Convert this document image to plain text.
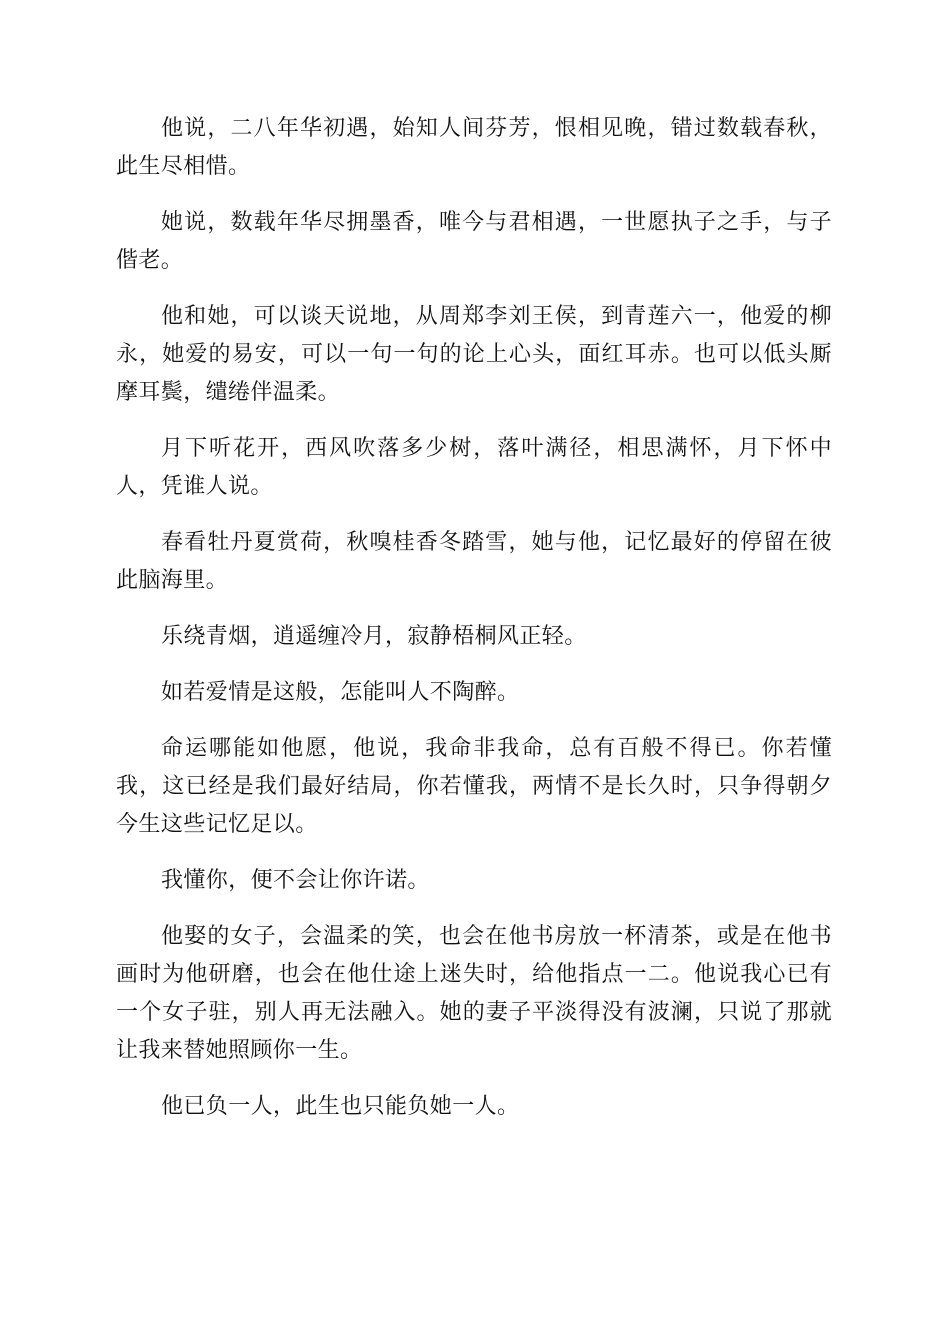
他说，二八年华初遇，始知人间芬芳，恨相见晚，错过数载春秋，此生尽相惜。

她说，数载年华尽拥墨香，唯今与君相遇，一世愿执子之手，与子偕老。

他和她，可以谈天说地，从周郑李刘王侯，到青莲六一，他爱的柳永，她爱的易安，可以一句一句的论上心头，面红耳赤。也可以低头厮摩耳鬓，缱绻伴温柔。

月下听花开，西风吹落多少树，落叶满径，相思满怀，月下怀中人，凭谁人说。

春看牡丹夏赏荷，秋嗅桂香冬踏雪，她与他，记忆最好的停留在彼此脑海里。

乐绕青烟，逍遥缠冷月，寂静梧桐风正轻。

如若爱情是这般，怎能叫人不陶醉。

命运哪能如他愿，他说，我命非我命，总有百般不得已。你若懂我，这已经是我们最好结局，你若懂我，两情不是长久时，只争得朝夕今生这些记忆足以。

我懂你，便不会让你许诺。

他娶的女子，会温柔的笑，也会在他书房放一杯清茶，或是在他书画时为他研磨，也会在他仕途上迷失时，给他指点一二。他说我心已有一个女子驻，别人再无法融入。她的妻子平淡得没有波澜，只说了那就让我来替她照顾你一生。

他已负一人，此生也只能负她一人。
